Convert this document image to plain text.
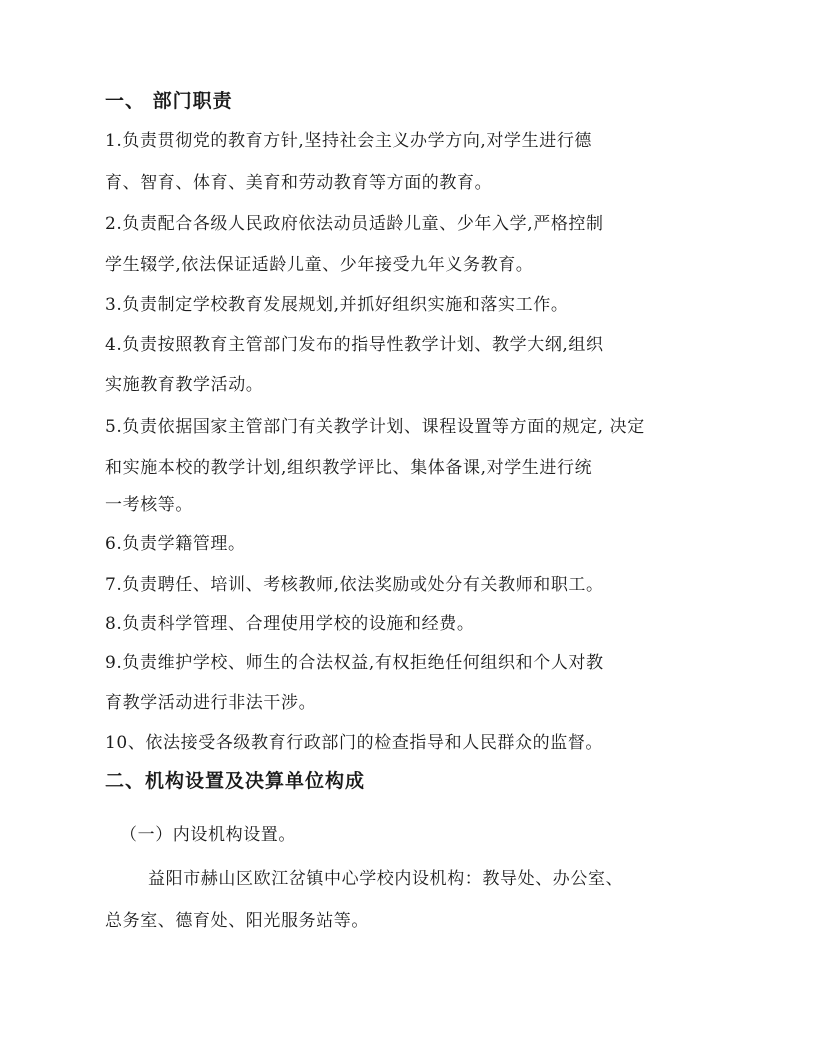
一、 部门职责
1.负责贯彻党的教育方针,坚持社会主义办学方向,对学生进行德
育、智育、体育、美育和劳动教育等方面的教育。
2.负责配合各级人民政府依法动员适龄儿童、少年入学,严格控制
学生辍学,依法保证适龄儿童、少年接受九年义务教育。
3.负责制定学校教育发展规划,并抓好组织实施和落实工作。
4.负责按照教育主管部门发布的指导性教学计划、教学大纲,组织
实施教育教学活动。
5.负责依据国家主管部门有关教学计划、课程设置等方面的规定, 决定
和实施本校的教学计划,组织教学评比、集体备课,对学生进行统
一考核等。
6.负责学籍管理。
7.负责聘任、培训、考核教师,依法奖励或处分有关教师和职工。
8.负责科学管理、合理使用学校的设施和经费。
9.负责维护学校、师生的合法权益,有权拒绝任何组织和个人对教
育教学活动进行非法干涉。
10、依法接受各级教育行政部门的检查指导和人民群众的监督。
二、机构设置及决算单位构成
（一）内设机构设置。
益阳市赫山区欧江岔镇中心学校内设机构：教导处、办公室、
总务室、德育处、阳光服务站等。
